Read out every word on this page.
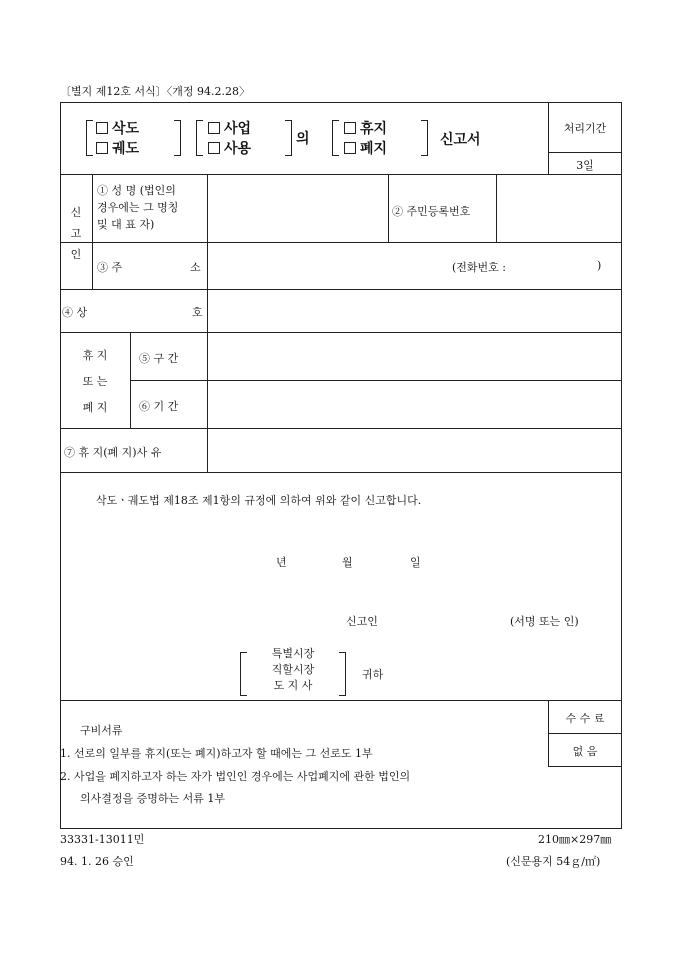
〔별지 제12호 서식〕〈개정 94.2.28〉
삭도
궤도
사업
사용
의
휴지
폐지
신고서
처리기간
3일
신
고
인
① 성 명 (법인의
경우에는 그 명칭
및 대 표 자)
② 주민등록번호
③ 주	소	(전화번호 :	)
④ 상	호
휴 지
또 는
폐 지
⑤ 구 간
⑥ 기 간
⑦ 휴 지(폐 지)사 유
삭도ㆍ궤도법 제18조 제1항의 규정에 의하여 위와 같이 신고합니다.
년	월	일
신고인	(서명 또는 인)
특별시장
직할시장
도 지 사
귀하
구비서류
1. 선로의 일부를 휴지(또는 폐지)하고자 할 때에는 그 선로도 1부
2. 사업을 폐지하고자 하는 자가 법인인 경우에는 사업폐지에 관한 법인의
의사결정을 증명하는 서류 1부
수 수 료
없 음
33331-13011민
94. 1. 26 승인
210㎜×297㎜
(신문용지 54ｇ/㎡)
